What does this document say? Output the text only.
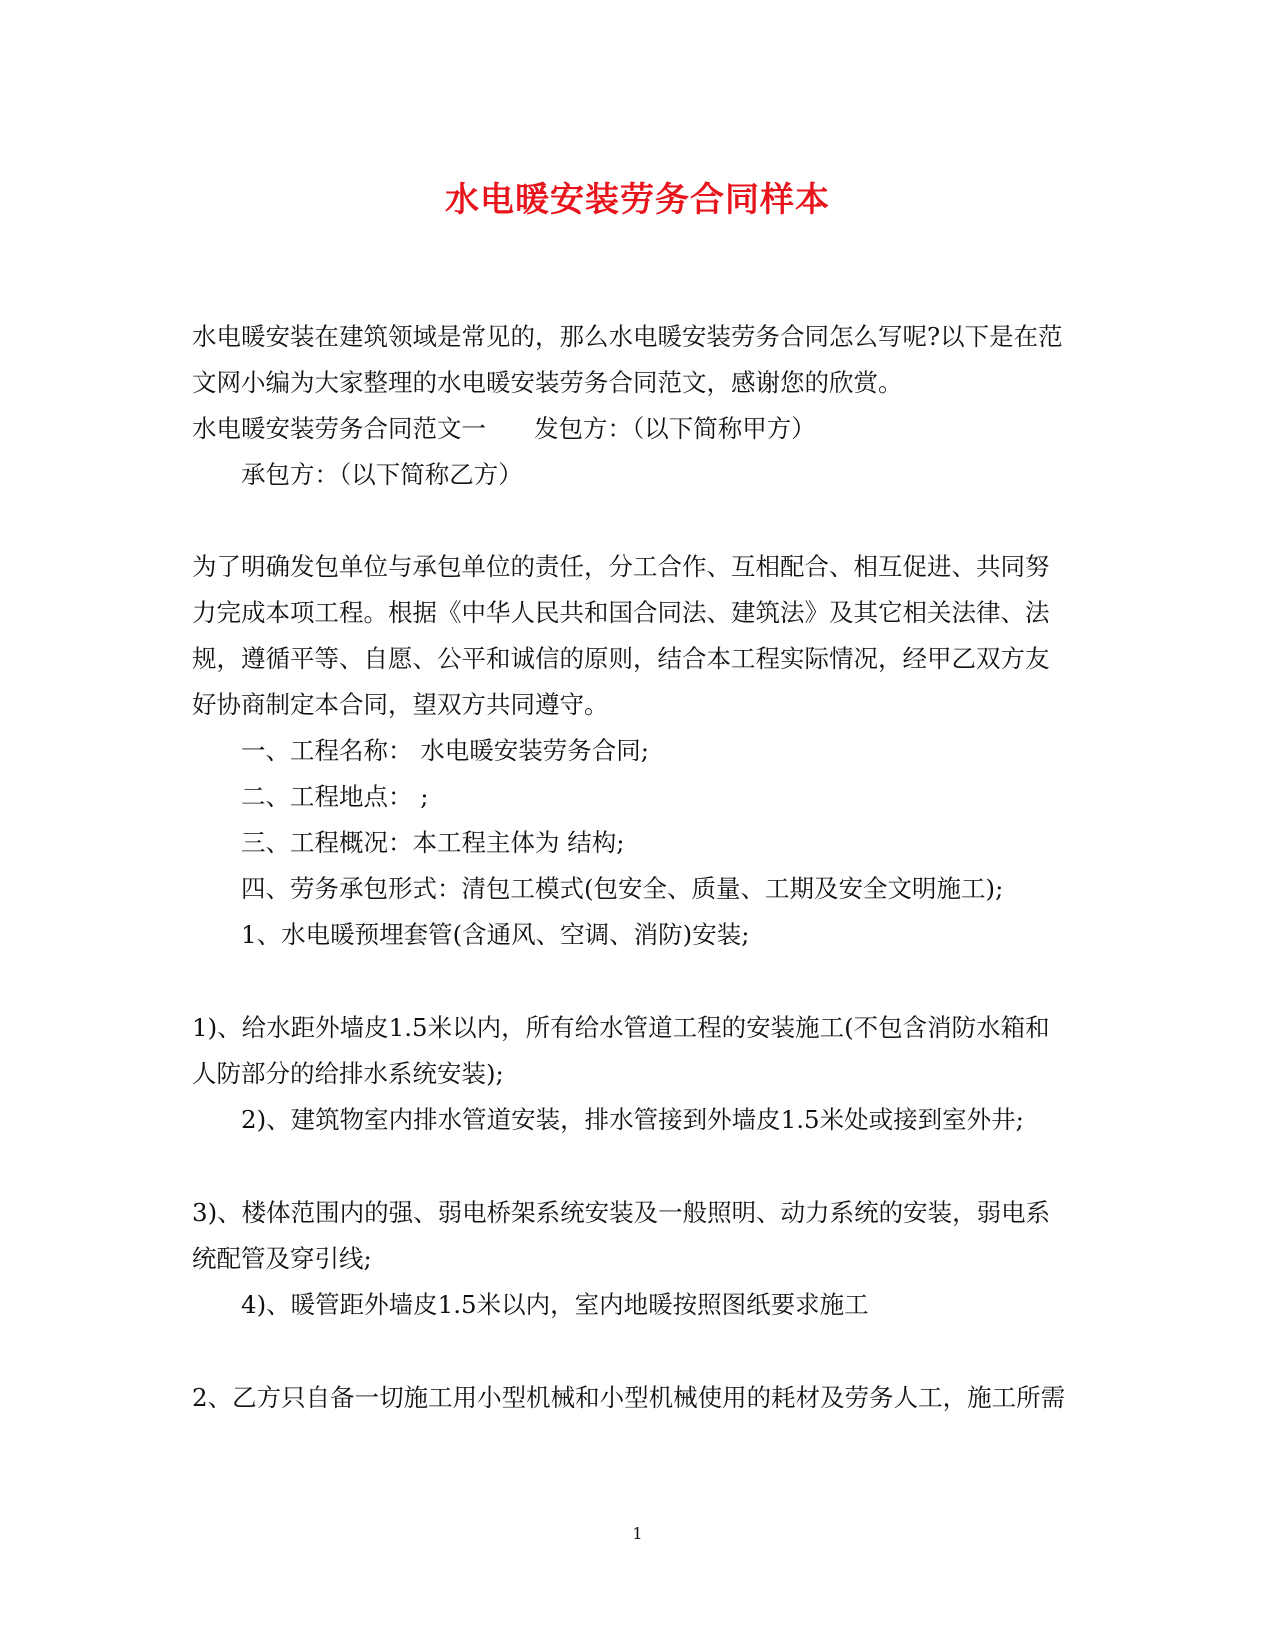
水电暖安装劳务合同样本
水电暖安装在建筑领域是常见的，那么水电暖安装劳务合同怎么写呢?以下是在范
文网小编为大家整理的水电暖安装劳务合同范文，感谢您的欣赏。
水电暖安装劳务合同范文一 发包方：（以下简称甲方）
承包方：（以下简称乙方）
为了明确发包单位与承包单位的责任，分工合作、互相配合、相互促进、共同努
力完成本项工程。根据《中华人民共和国合同法、建筑法》及其它相关法律、法
规，遵循平等、自愿、公平和诚信的原则，结合本工程实际情况，经甲乙双方友
好协商制定本合同，望双方共同遵守。
一、工程名称： 水电暖安装劳务合同;
二、工程地点： ;
三、工程概况：本工程主体为 结构;
四、劳务承包形式：清包工模式(包安全、质量、工期及安全文明施工);
1、水电暖预埋套管(含通风、空调、消防)安装;
1)、给水距外墙皮1.5米以内，所有给水管道工程的安装施工(不包含消防水箱和
人防部分的给排水系统安装);
2)、建筑物室内排水管道安装，排水管接到外墙皮1.5米处或接到室外井;
3)、楼体范围内的强、弱电桥架系统安装及一般照明、动力系统的安装，弱电系
统配管及穿引线;
4)、暖管距外墙皮1.5米以内，室内地暖按照图纸要求施工
2、乙方只自备一切施工用小型机械和小型机械使用的耗材及劳务人工，施工所需
1
